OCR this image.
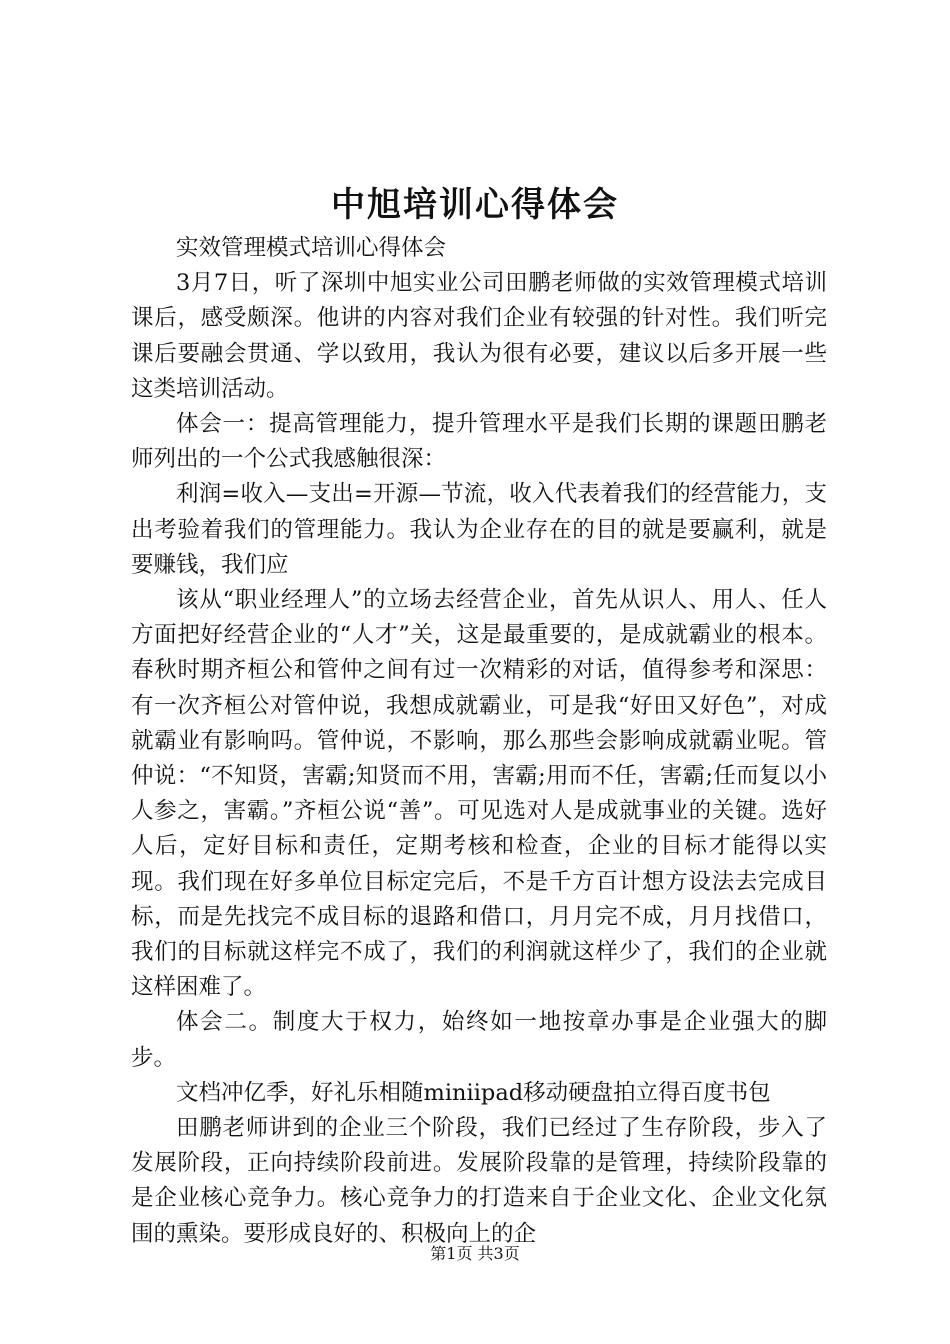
中旭培训心得体会

实效管理模式培训心得体会

3月7日，听了深圳中旭实业公司田鹏老师做的实效管理模式培训课后，感受颇深。他讲的内容对我们企业有较强的针对性。我们听完课后要融会贯通、学以致用，我认为很有必要，建议以后多开展一些这类培训活动。

体会一：提高管理能力，提升管理水平是我们长期的课题田鹏老师列出的一个公式我感触很深：

利润=收入—支出=开源—节流，收入代表着我们的经营能力，支出考验着我们的管理能力。我认为企业存在的目的就是要赢利，就是要赚钱，我们应

该从“职业经理人”的立场去经营企业，首先从识人、用人、任人方面把好经营企业的“人才”关，这是最重要的，是成就霸业的根本。春秋时期齐桓公和管仲之间有过一次精彩的对话，值得参考和深思：有一次齐桓公对管仲说，我想成就霸业，可是我“好田又好色”，对成就霸业有影响吗。管仲说，不影响，那么那些会影响成就霸业呢。管仲说：“不知贤，害霸;知贤而不用，害霸;用而不任，害霸;任而复以小人参之，害霸。”齐桓公说“善”。可见选对人是成就事业的关键。选好人后，定好目标和责任，定期考核和检查，企业的目标才能得以实现。我们现在好多单位目标定完后，不是千方百计想方设法去完成目标，而是先找完不成目标的退路和借口，月月完不成，月月找借口，我们的目标就这样完不成了，我们的利润就这样少了，我们的企业就这样困难了。

体会二。制度大于权力，始终如一地按章办事是企业强大的脚步。

文档冲亿季，好礼乐相随miniipad移动硬盘拍立得百度书包

田鹏老师讲到的企业三个阶段，我们已经过了生存阶段，步入了发展阶段，正向持续阶段前进。发展阶段靠的是管理，持续阶段靠的是企业核心竞争力。核心竞争力的打造来自于企业文化、企业文化氛围的熏染。要形成良好的、积极向上的企

第1页 共3页
